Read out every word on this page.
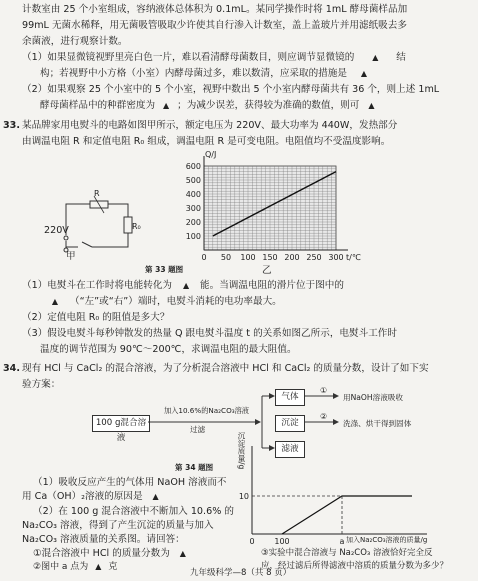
计数室由 25 个小室组成，容纳液体总体积为 0.1mL。某同学操作时将 1mL 酵母菌样品加
99mL 无菌水稀释，用无菌吸管吸取少许使其自行渗入计数室，盖上盖玻片并用滤纸吸去多
余菌液，进行观察计数。
（1）如果显微镜视野里亮白色一片，难以看清酵母菌数目，则应调节显微镜的 ▲ 结
构；若视野中小方格（小室）内酵母菌过多，难以数清，应采取的措施是 ▲
（2）如果观察 25 个小室中的 5 个小室，视野中数出 5 个小室内酵母菌共有 36 个，则上述 1mL
酵母菌样品中的种群密度为 ▲ ；为减少误差，获得较为准确的数值，则可 ▲
33. 某品牌家用电熨斗的电路如图甲所示，额定电压为 220V、最大功率为 440W，发热部分
由调温电阻 R 和定值电阻 R₀ 组成，调温电阻 R 是可变电阻。电阻值均不受温度影响。
R
R₀
220V
甲	0 50 100 150 200 250 300
100
200
300
400
500
600
Q/J
t/℃
乙
第 33 题图
（1）电熨斗在工作时将电能转化为 ▲ 能。当调温电阻的滑片位于图中的
▲ （“左”或“右”）端时，电熨斗消耗的电功率最大。
（2）定值电阻 R₀ 的阻值是多大？
（3）假设电熨斗每秒钟散发的热量 Q 跟电熨斗温度 t 的关系如图乙所示，电熨斗工作时
温度的调节范围为 90℃～200℃，求调温电阻的最大阻值。
34. 现有 HCl 与 CaCl₂ 的混合溶液，为了分析混合溶液中 HCl 和 CaCl₂ 的质量分数，设计了如下实
验方案：
100 g混合溶液
加入10.6%的Na₂CO₃溶液
过滤
气体
沉淀
滤液
①
用NaOH溶液吸收
②
洗涤、烘干得到固体
第 34 题图
（1）吸收反应产生的气体用 NaOH 溶液而不
用 Ca（OH）₂溶液的原因是 ▲
（2）在 100 g 混合溶液中不断加入 10.6% 的
Na₂CO₃ 溶液，得到了产生沉淀的质量与加入
Na₂CO₃ 溶液质量的关系图。请回答：
①混合溶液中 HCl 的质量分数为 ▲
②图中 a 点为 ▲ 克
③实验中混合溶液与 Na₂CO₃ 溶液恰好完全反
应，经过滤后所得滤液中溶质的质量分数为多少？
0 100	a
10
沉淀质量/g
加入Na₂CO₃溶液的质量/g
九年级科学—8（共 8 页）
